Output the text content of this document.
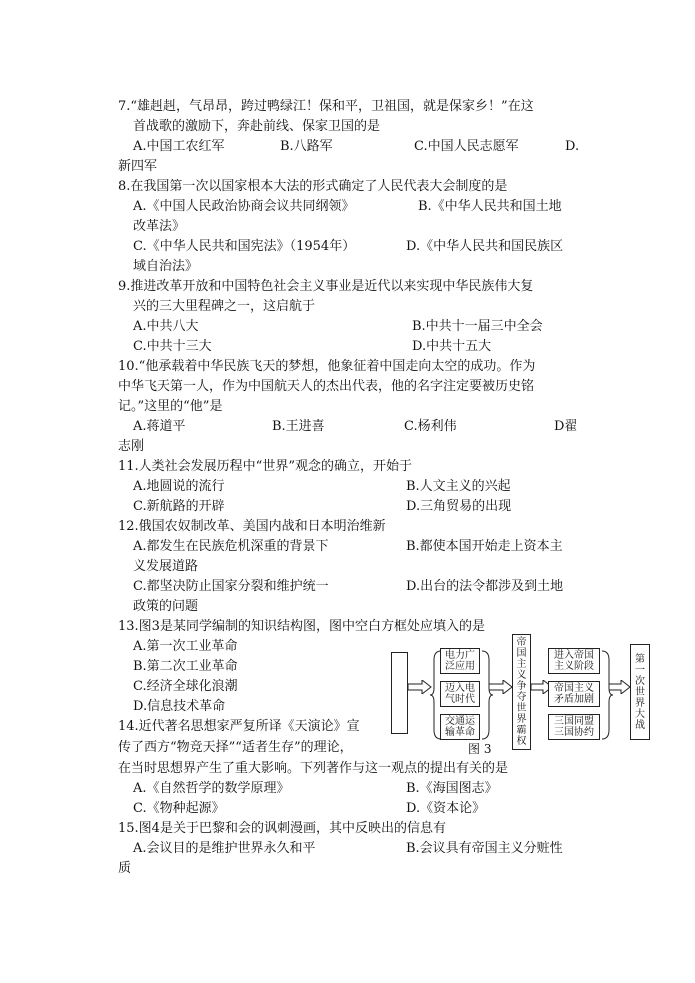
7.“雄赳赳，气昂昂，跨过鸭绿江！保和平，卫祖国，就是保家乡！”在这
首战歌的激励下，奔赴前线、保家卫国的是
A.中国工农红军	B.八路军	C.中国人民志愿军	D.
新四军
8.在我国第一次以国家根本大法的形式确定了人民代表大会制度的是
A.《中国人民政治协商会议共同纲领》	B.《中华人民共和国土地
改革法》
C.《中华人民共和国宪法》（1954年）	D.《中华人民共和国民族区
域自治法》
9.推进改革开放和中国特色社会主义事业是近代以来实现中华民族伟大复
兴的三大里程碑之一，这启航于
A.中共八大	B.中共十一届三中全会
C.中共十三大	D.中共十五大
10.“他承载着中华民族飞天的梦想，他象征着中国走向太空的成功。作为
中华飞天第一人，作为中国航天人的杰出代表，他的名字注定要被历史铭
记。”这里的“他”是
A.蒋道平	B.王进喜	C.杨利伟	D翟
志刚
11.人类社会发展历程中“世界”观念的确立，开始于
A.地圆说的流行	B.人文主义的兴起
C.新航路的开辟	D.三角贸易的出现
12.俄国农奴制改革、美国内战和日本明治维新
A.都发生在民族危机深重的背景下	B.都使本国开始走上资本主
义发展道路
C.都坚决防止国家分裂和维护统一	D.出台的法令都涉及到土地
政策的问题
13.图3是某同学编制的知识结构图，图中空白方框处应填入的是
A.第一次工业革命
B.第二次工业革命
C.经济全球化浪潮
D.信息技术革命
电力广泛应用
迈入电气时代
交通运输革命
帝国主义争夺世界霸权
进入帝国主义阶段
帝国主义矛盾加剧
三国同盟三国协约
第一次世界大战
图 3
14.近代著名思想家严复所译《天演论》宣
传了西方“物竞天择”“适者生存”的理论，
在当时思想界产生了重大影响。下列著作与这一观点的提出有关的是
A.《自然哲学的数学原理》	B.《海国图志》
C.《物种起源》	D.《资本论》
15.图4是关于巴黎和会的讽刺漫画，其中反映出的信息有
A.会议目的是维护世界永久和平	B.会议具有帝国主义分赃性
质
